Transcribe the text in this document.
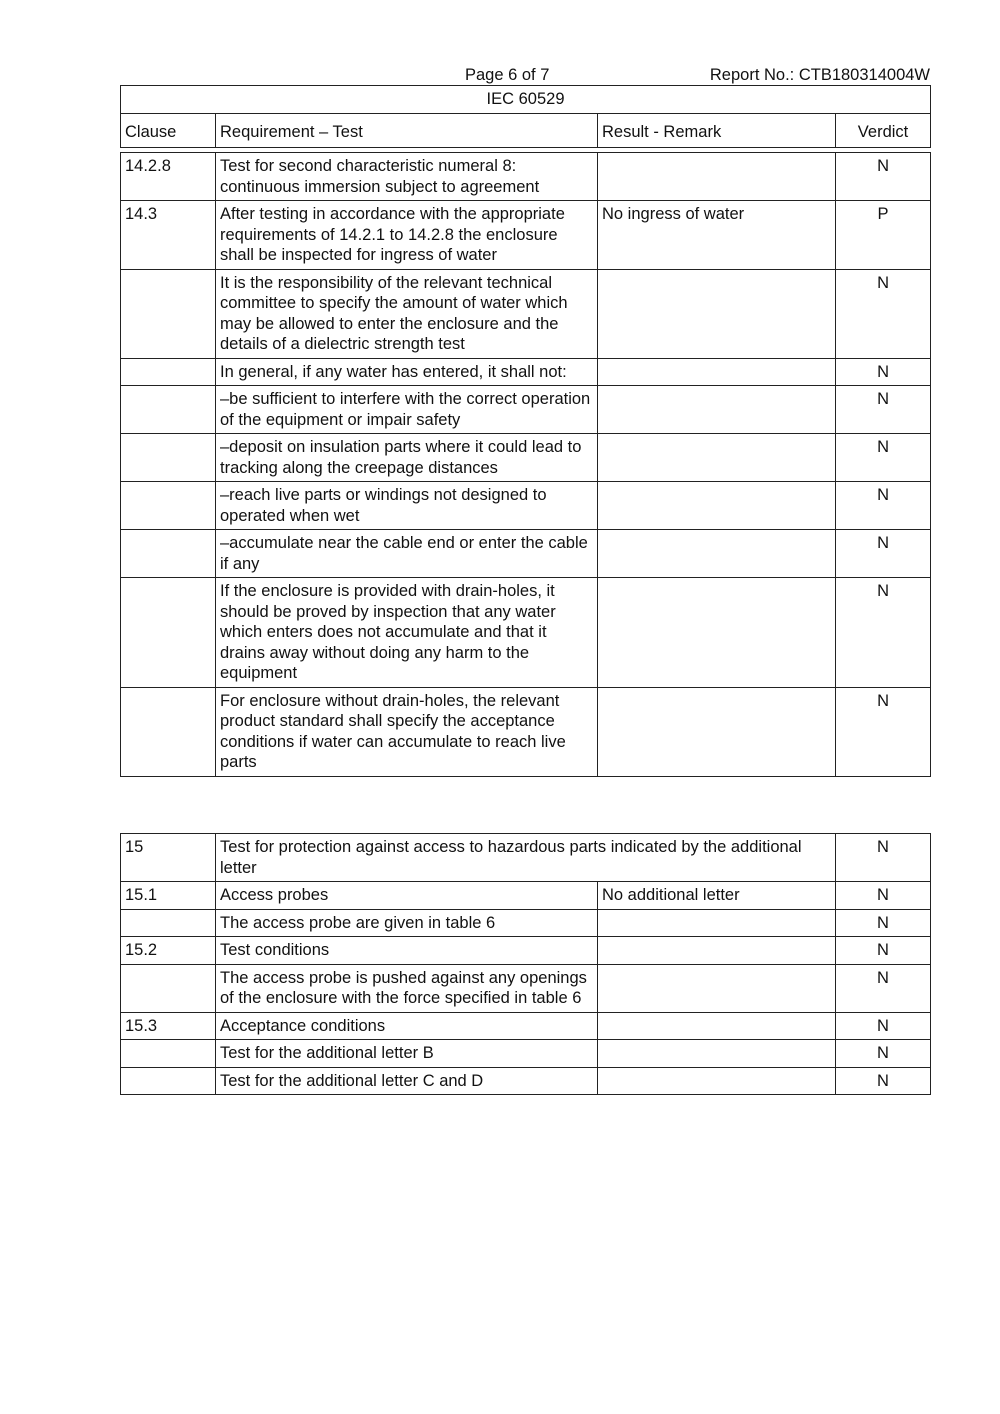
Page 6 of 7	Report No.: CTB180314004W
IEC 60529			
Clause	Requirement – Test	Result - Remark	Verdict

14.2.8	Test for second characteristic numeral 8: continuous immersion subject to agreement		N
14.3	After testing in accordance with the appropriate requirements of 14.2.1 to 14.2.8 the enclosure shall be inspected for ingress of water	No ingress of water	P
	It is the responsibility of the relevant technical committee to specify the amount of water which may be allowed to enter the enclosure and the details of a dielectric strength test		N
	In general, if any water has entered, it shall not:		N
	–be sufficient to interfere with the correct operation of the equipment or impair safety		N
	–deposit on insulation parts where it could lead to tracking along the creepage distances		N
	–reach live parts or windings not designed to operated when wet		N
	–accumulate near the cable end or enter the cable if any		N
	If the enclosure is provided with drain-holes, it should be proved by inspection that any water which enters does not accumulate and that it drains away without doing any harm to the equipment		N
	For enclosure without drain-holes, the relevant product standard shall specify the acceptance conditions if water can accumulate to reach live parts		N
15	Test for protection against access to hazardous parts indicated by the additional letter		N
15.1	Access probes	No additional letter	N
	The access probe are given in table 6		N
15.2	Test conditions		N
	The access probe is pushed against any openings of the enclosure with the force specified in table 6		N
15.3	Acceptance conditions		N
	Test for the additional letter B		N
	Test for the additional letter C and D		N
